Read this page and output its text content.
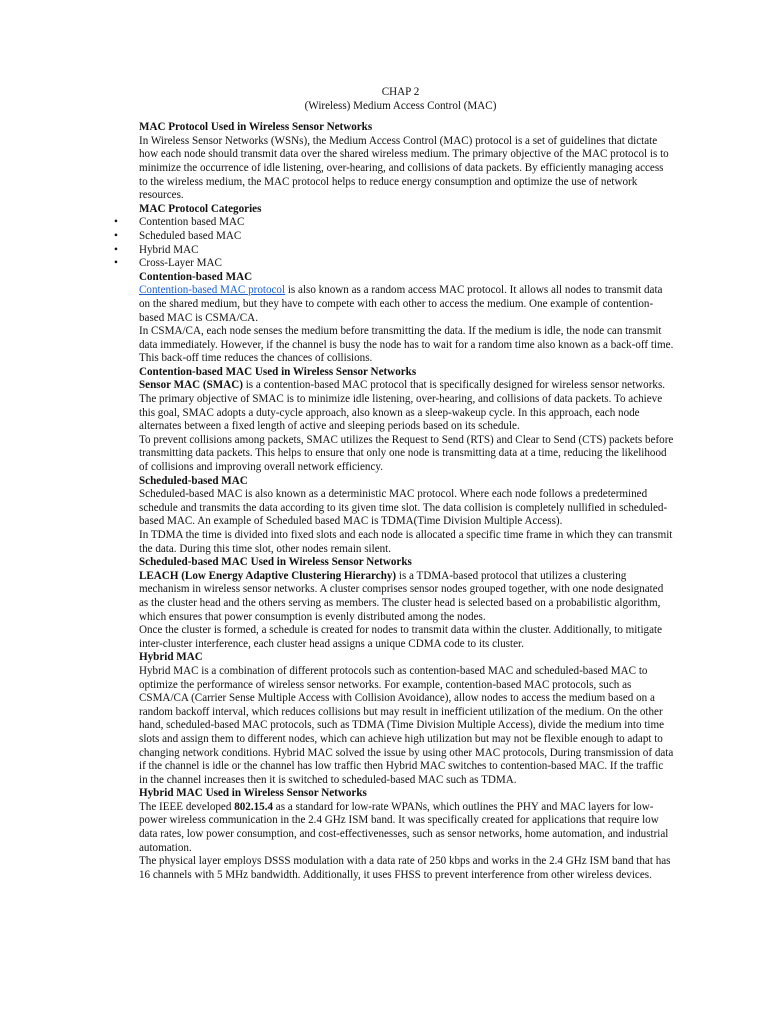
CHAP 2

(Wireless) Medium Access Control (MAC)

MAC Protocol Used in Wireless Sensor Networks

In Wireless Sensor Networks (WSNs), the Medium Access Control (MAC) protocol is a set of guidelines that dictate how each node should transmit data over the shared wireless medium. The primary objective of the MAC protocol is to minimize the occurrence of idle listening, over-hearing, and collisions of data packets. By efficiently managing access to the wireless medium, the MAC protocol helps to reduce energy consumption and optimize the use of network resources.

MAC Protocol Categories

• Contention based MAC
• Scheduled based MAC
• Hybrid MAC
• Cross-Layer MAC

Contention-based MAC

Contention-based MAC protocol is also known as a random access MAC protocol. It allows all nodes to transmit data on the shared medium, but they have to compete with each other to access the medium. One example of contention-based MAC is CSMA/CA.

In CSMA/CA, each node senses the medium before transmitting the data. If the medium is idle, the node can transmit data immediately. However, if the channel is busy the node has to wait for a random time also known as a back-off time. This back-off time reduces the chances of collisions.

Contention-based MAC Used in Wireless Sensor Networks

Sensor MAC (SMAC) is a contention-based MAC protocol that is specifically designed for wireless sensor networks. The primary objective of SMAC is to minimize idle listening, over-hearing, and collisions of data packets. To achieve this goal, SMAC adopts a duty-cycle approach, also known as a sleep-wakeup cycle. In this approach, each node alternates between a fixed length of active and sleeping periods based on its schedule.

To prevent collisions among packets, SMAC utilizes the Request to Send (RTS) and Clear to Send (CTS) packets before transmitting data packets. This helps to ensure that only one node is transmitting data at a time, reducing the likelihood of collisions and improving overall network efficiency.

Scheduled-based MAC

Scheduled-based MAC is also known as a deterministic MAC protocol. Where each node follows a predetermined schedule and transmits the data according to its given time slot. The data collision is completely nullified in scheduled-based MAC. An example of Scheduled based MAC is TDMA(Time Division Multiple Access).

In TDMA the time is divided into fixed slots and each node is allocated a specific time frame in which they can transmit the data. During this time slot, other nodes remain silent.

Scheduled-based MAC Used in Wireless Sensor Networks

LEACH (Low Energy Adaptive Clustering Hierarchy) is a TDMA-based protocol that utilizes a clustering mechanism in wireless sensor networks. A cluster comprises sensor nodes grouped together, with one node designated as the cluster head and the others serving as members. The cluster head is selected based on a probabilistic algorithm, which ensures that power consumption is evenly distributed among the nodes.

Once the cluster is formed, a schedule is created for nodes to transmit data within the cluster. Additionally, to mitigate inter-cluster interference, each cluster head assigns a unique CDMA code to its cluster.

Hybrid MAC

Hybrid MAC is a combination of different protocols such as contention-based MAC and scheduled-based MAC to optimize the performance of wireless sensor networks. For example, contention-based MAC protocols, such as CSMA/CA (Carrier Sense Multiple Access with Collision Avoidance), allow nodes to access the medium based on a random backoff interval, which reduces collisions but may result in inefficient utilization of the medium. On the other hand, scheduled-based MAC protocols, such as TDMA (Time Division Multiple Access), divide the medium into time slots and assign them to different nodes, which can achieve high utilization but may not be flexible enough to adapt to changing network conditions. Hybrid MAC solved the issue by using other MAC protocols, During transmission of data if the channel is idle or the channel has low traffic then Hybrid MAC switches to contention-based MAC. If the traffic in the channel increases then it is switched to scheduled-based MAC such as TDMA.

Hybrid MAC Used in Wireless Sensor Networks

The IEEE developed 802.15.4 as a standard for low-rate WPANs, which outlines the PHY and MAC layers for low-power wireless communication in the 2.4 GHz ISM band. It was specifically created for applications that require low data rates, low power consumption, and cost-effectivenesses, such as sensor networks, home automation, and industrial automation.

The physical layer employs DSSS modulation with a data rate of 250 kbps and works in the 2.4 GHz ISM band that has 16 channels with 5 MHz bandwidth. Additionally, it uses FHSS to prevent interference from other wireless devices.
